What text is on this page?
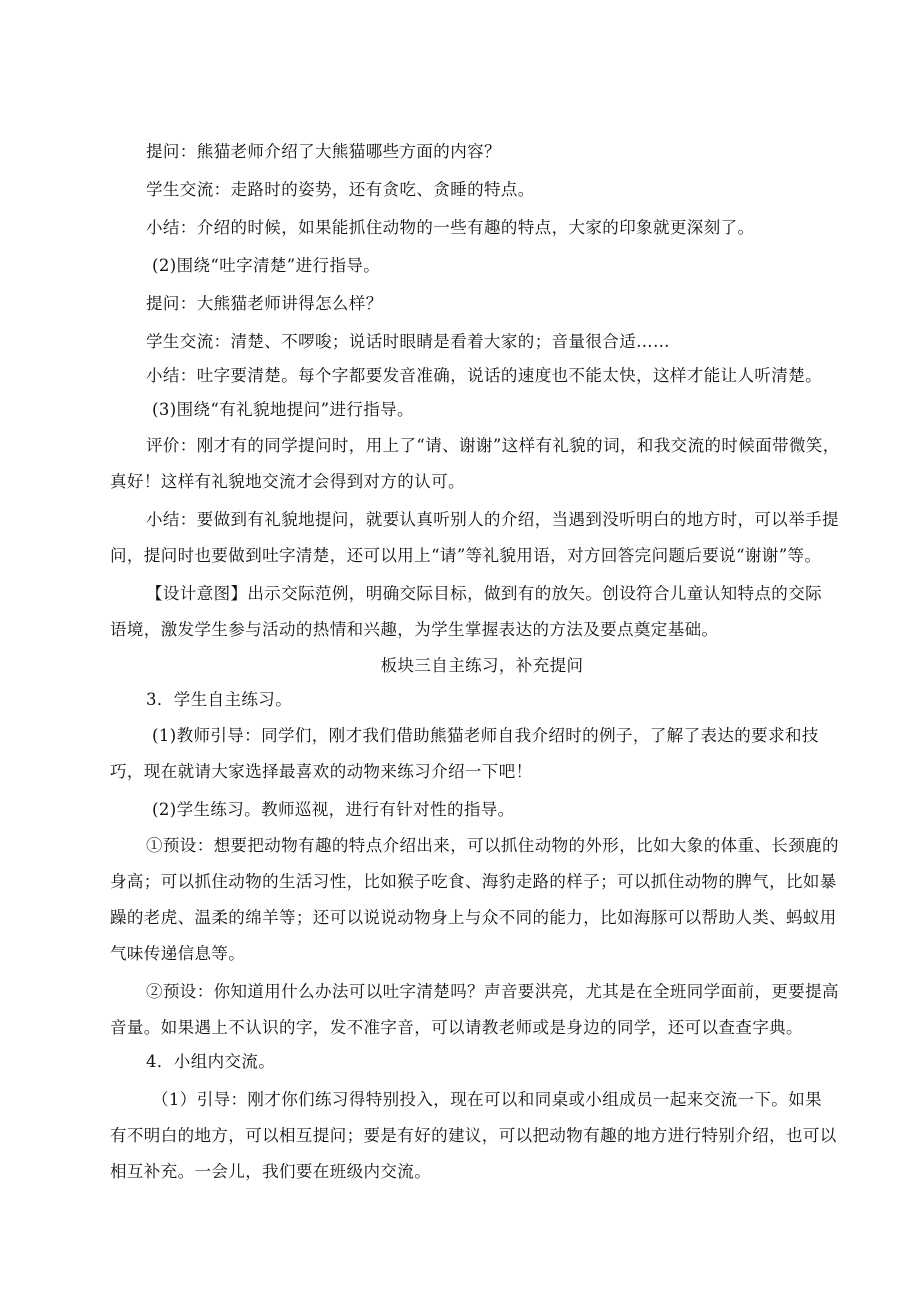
提问：熊猫老师介绍了大熊猫哪些方面的内容？
学生交流：走路时的姿势，还有贪吃、贪睡的特点。
小结：介绍的时候，如果能抓住动物的一些有趣的特点，大家的印象就更深刻了。
(2)围绕“吐字清楚”进行指导。
提问：大熊猫老师讲得怎么样？
学生交流：清楚、不啰唆；说话时眼睛是看着大家的；音量很合适……
小结：吐字要清楚。每个字都要发音准确，说话的速度也不能太快，这样才能让人听清楚。
(3)围绕“有礼貌地提问”进行指导。
评价：刚才有的同学提问时，用上了“请、谢谢”这样有礼貌的词，和我交流的时候面带微笑，
真好！这样有礼貌地交流才会得到对方的认可。
小结：要做到有礼貌地提问，就要认真听别人的介绍，当遇到没听明白的地方时，可以举手提
问，提问时也要做到吐字清楚，还可以用上“请”等礼貌用语，对方回答完问题后要说“谢谢”等。
【设计意图】出示交际范例，明确交际目标，做到有的放矢。创设符合儿童认知特点的交际
语境，激发学生参与活动的热情和兴趣，为学生掌握表达的方法及要点奠定基础。
板块三自主练习，补充提问
3．学生自主练习。
(1)教师引导：同学们，刚才我们借助熊猫老师自我介绍时的例子，了解了表达的要求和技
巧，现在就请大家选择最喜欢的动物来练习介绍一下吧！
(2)学生练习。教师巡视，进行有针对性的指导。
①预设：想要把动物有趣的特点介绍出来，可以抓住动物的外形，比如大象的体重、长颈鹿的
身高；可以抓住动物的生活习性，比如猴子吃食、海豹走路的样子；可以抓住动物的脾气，比如暴
躁的老虎、温柔的绵羊等；还可以说说动物身上与众不同的能力，比如海豚可以帮助人类、蚂蚁用
气味传递信息等。
②预设：你知道用什么办法可以吐字清楚吗？声音要洪亮，尤其是在全班同学面前，更要提高
音量。如果遇上不认识的字，发不准字音，可以请教老师或是身边的同学，还可以查查字典。
4．小组内交流。
（1）引导：刚才你们练习得特别投入，现在可以和同桌或小组成员一起来交流一下。如果
有不明白的地方，可以相互提问；要是有好的建议，可以把动物有趣的地方进行特别介绍，也可以
相互补充。一会儿，我们要在班级内交流。
